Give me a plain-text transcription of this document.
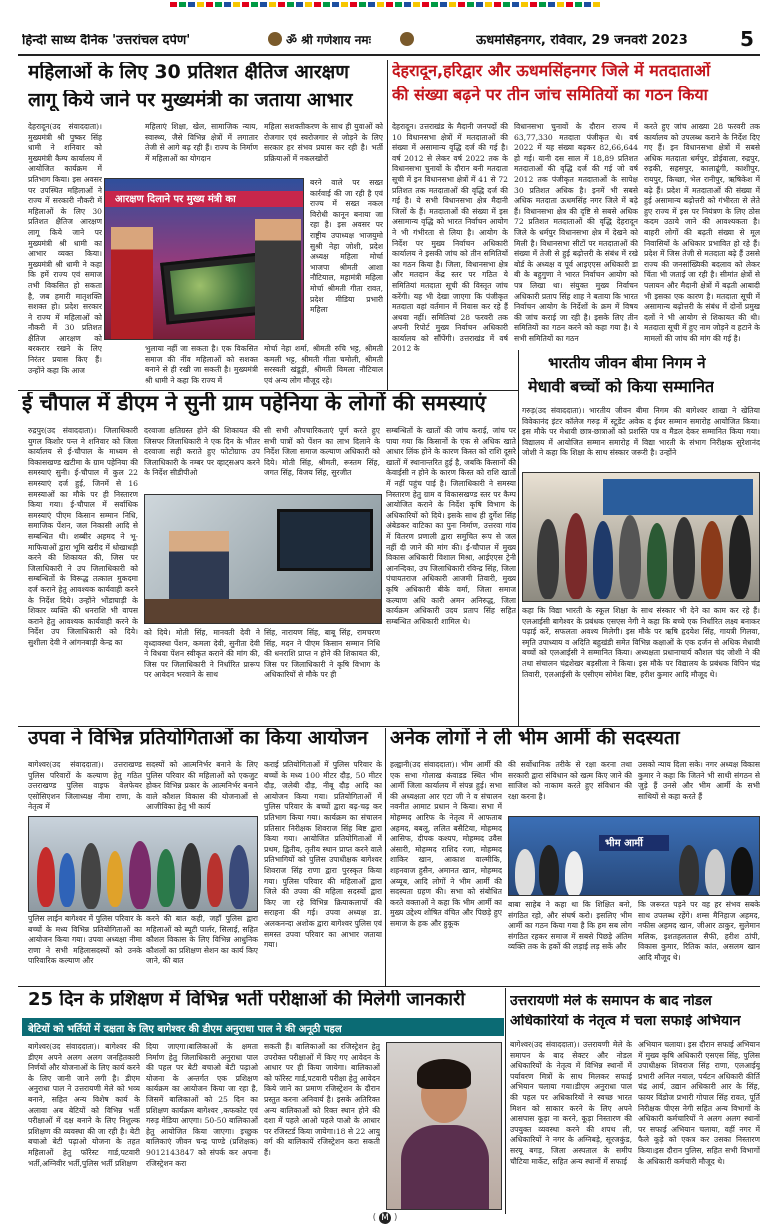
हिन्दी साध्य दैनिक 'उत्तरांचल दर्पण'	ॐ श्री गणेशाय नमः	ऊधमसिंहनगर, रविवार, 29 जनवरी 2023	5
महिलाओं के लिए 30 प्रतिशत क्षैतिज आरक्षण
लागू किये जाने पर मुख्यमंत्री का जताया आभार
देहरादून(उद संवाददाता)। मुख्यमंत्री श्री पुष्कर सिंह धामी ने शनिवार को मुख्यमंत्री कैम्प कार्यालय में आयोजित कार्यक्रम में प्रतिभाग किया। इस अवसर पर उपस्थित महिलाओं ने राज्य में सरकारी नौकरी में महिलाओं के लिए 30 प्रतिशत क्षैतिज आरक्षण लागू किये जाने पर मुख्यमंत्री श्री धामी का आभार व्यक्त किया। मुख्यमंत्री श्री धामी ने कहा कि हमें राज्य एवं समाज तभी विकसित हो सकता है, जब हमारी मातृशक्ति सशक्त हो। प्रदेश सरकार ने राज्य में महिलाओं को नौकरी में 30 प्रतिशत क्षैतिज आरक्षण को बरकरार रखने के लिए निरंतर प्रयास किए हैं। उन्होंने कहा कि आज
महिलाएं शिक्षा, खेल, सामाजिक न्याय, स्वास्थ्य, जैसे विभिन्न क्षेत्रों में लगातार तेजी से आगे बढ़ रही हैं। राज्य के निर्माण में महिलाओं का योगदान
महिला सशक्तीकरण के साथ ही युवाओं को रोजगार एवं स्वरोजगार से जोड़ने के लिए सरकार हर संभव प्रयास कर रही है। भर्ती प्रक्रियाओं में नकलखोरों
आरक्षण दिलाने पर मुख्य मंत्री का
बरने वाले पर सख्त कार्रवाई की जा रही है एवं राज्य में सख्त नकल विरोधी कानून बनाया जा रहा है। इस अवसर पर राष्ट्रीय उपाध्यक्ष भाजयुमो सुश्री नेहा जोशी, प्रदेश अध्यक्ष महिला मोर्चा भाजपा श्रीमती आशा नौटियाल, महामंत्री महिला मोर्चा श्रीमती गीता रावत, प्रदेश मीडिया प्रभारी महिला
भुलाया नहीं जा सकता है। एक विकसित समाज की नींव महिलाओं को सशक्त बनाने से ही रखी जा सकती है। मुख्यमंत्री श्री धामी ने कहा कि राज्य में
मोर्चा नेहा शर्मा, श्रीमती रुचि भट्ट, श्रीमती कमली भट्ट, श्रीमती गीता चमोली, श्रीमती सरस्वती खंडूड़ी, श्रीमती विमला नौटियाल एवं अन्य लोग मौजूद रहे।
देहरादून,हरिद्वार और ऊधमसिंहनगर जिले में मतदाताओं
की संख्या बढ़ने पर तीन जांच समितियों का गठन किया
देहरादून। उत्तराखंड के मैदानी जनपदों की 10 विधानसभा क्षेत्रों में मतदाताओं की संख्या में असामान्य वृद्धि दर्ज की गई है। वर्ष 2012 से लेकर वर्ष 2022 तक के विधानसभा चुनावों के दौरान बनी मतदाता सूची में इन विधानसभा क्षेत्रों में 41 से 72 प्रतिशत तक मतदाताओं की वृद्धि दर्ज की गई है। ये सभी विधानसभा क्षेत्र मैदानी जिलों के हैं। मतदाताओं की संख्या में इस असामान्य वृद्धि को भारत निर्वाचन आयोग ने भी गंभीरता से लिया है। आयोग के निर्देश पर मुख्य निर्वाचन अधिकारी कार्यालय ने इसकी जांच को तीन समितियों का गठन किया है। जिला, विधानसभा क्षेत्र और मतदान केंद्र स्तर पर गठित ये समितियां मतदाता सूची की विस्तृत जांच करेंगी। यह भी देखा जाएगा कि पंजीकृत मतदाता वहां वर्तमान में निवास कर रहे हैं अथवा नहीं। समितियां 28 फरवरी तक अपनी रिपोर्ट मुख्य निर्वाचन अधिकारी कार्यालय को सौंपेंगी। उत्तराखंड में वर्ष 2012 के
विधानसभा चुनावों के दौरान राज्य में 63,77,330 मतदाता पंजीकृत थे। वर्ष 2022 में यह संख्या बढ़कर 82,66,644 हो गई। यानी दस साल में 18,89 प्रतिशत मतदाताओं की वृद्धि दर्ज की गई जो वर्ष 2012 तक पंजीकृत मतदाताओं के सापेक्ष 30 प्रतिशत अधिक है। इनमें भी सबसे अधिक मतदाता ऊधमसिंह नगर जिले में बढ़े हैं। विधानसभा क्षेत्र की दृष्टि से सबसे अधिक 72 प्रतिशत मतदाताओं की वृद्धि देहरादून जिले के धर्मपुर विधानसभा क्षेत्र में देखने को मिली है। विधानसभा सीटों पर मतदाताओं की संख्या में तेजी से हुई बढ़ोत्तरी के संबंध में रखे बोर्ड के अध्यक्ष व पूर्व आइएएस अधिकारी डा बी के बहुगुणा ने भारत निर्वाचन आयोग को पत्र लिखा था। संयुक्त मुख्य निर्वाचन अधिकारी प्रताप सिंह शाह ने बताया कि भारत निर्वाचन आयोग के निर्देशों के क्रम में विषय की जांच कराई जा रही है। इसके लिए तीन समितियों का गठन करने को कहा गया है। ये सभी समितियों का गठन
करते हुए जांच आख्या 28 फरवरी तक कार्यालय को उपलब्ध कराने के निर्देश दिए गए हैं। इन विधानसभा क्षेत्रों में सबसे अधिक मतदाता धर्मपुर, डोईवाला, रुद्रपुर, रुड़की, सहसपुर, कालाढूंगी, काशीपुर, रायपुर, किच्छा, भेल रानीपुर, ऋषिकेश में बढ़े हैं। प्रदेश में मतदाताओं की संख्या में हुई असामान्य बढ़ोत्तरी को गंभीरता से लेते हुए राज्य में इस पर नियंत्रण के लिए ठोस कदम उठाये जाने की आवश्यकता है। बाहरी लोगों की बढ़ती संख्या से मूल निवासियों के अधिकार प्रभावित हो रहे हैं। प्रदेश में जिस तेजी से मतदाता बढ़े हैं उससे राज्य की जनसांख्यिकी बदलाव को लेकर चिंता भी जताई जा रही है। सीमांत क्षेत्रों से पलायन और मैदानी क्षेत्रों में बढ़ती आबादी भी इसका एक कारण है। मतदाता सूची में असामान्य बढ़ोत्तरी के संबंध में दोनों प्रमुख दलों ने भी आयोग से शिकायत की थी। मतदाता सूची में हुए नाम जोड़ने व हटाने के मामलों की जांच की मांग की गई है।
भारतीय जीवन बीमा निगम ने
मेधावी बच्चों को किया सम्मानित
ई चौपाल में डीएम ने सुनी ग्राम पहेनिया के लोगों की समस्याएं
रुद्रपुर(उद संवाददाता)। जिलाधिकारी युगल किशोर पन्त ने शनिवार को जिला कार्यालय से ई-चौपाल के माध्यम से विकासखण्ड खटीमा के ग्राम पहेनिया की समस्याएं सुनी। ई-चौपाल में कुल 22 समस्याएं दर्ज हुई, जिनमें से 16 समस्याओं का मौके पर ही निस्तारण किया गया। ई-चौपाल में सर्वाधिक समस्याएं पीएम किसान सम्मान निधि, समाजिक पेंशन, जल निकासी आदि से सम्बन्धित थी। शब्बीर अहमद ने भू-माफियाओं द्वारा भूमि खरीद में धोखाधड़ी करने की शिकायत की, जिस पर जिलाधिकारी ने उप जिलाधिकारी को सम्बन्धितों के विरूद्ध तत्काल मुकदमा दर्ज कराने हेतु आवश्यक कार्यवाही करने के निर्देश दिये। उन्होंने भोंडाघाड़ी के शिकार व्यक्ति की धनराशि भी वापस कराने हेतु आवश्यक कार्यवाही करने के निर्देश उप जिलाधिकारी को दिये। सुशीला देवी ने आंगनबाड़ी केन्द्र का
दरवाजा क्षतिग्रस्त होने की शिकायत की जिसपर जिलाधिकारी ने एक दिन के भीतर दरवाजा सही कराते हुए फोटोग्राफ उप जिलाधिकारी के नम्बर पर व्हाट्सअप करने के निर्देश सीडीपीओ
सी सभी औपचारिकताएं पूर्ण करते हुए सभी पात्रों को पेंशन का लाभ दिलाने के निर्देश जिला समाज कल्याण अधिकारी को दिये। मोती सिंह, श्रीमती, रूस्तम सिंह, जगत सिंह, विजय सिंह, सुरजीत
को दिये। मोती सिंह, मानवती देवी ने वृध्दावस्था पेंशन, कमला देवी, सुनीता देवी ने विधवा पेंशन स्वीकृत कराने की मांग की, जिस पर जिलाधिकारी ने निर्धारित प्रारूप पर आवेदन भरवाने के साथ
सिंह, नारायण सिंह, बाबू सिंह, रामचरण सिंह, मदन ने पीएम किसान सम्मान निधि की धनराशि प्राप्त न होने की शिकायत की, जिस पर जिलाधिकारी ने कृषि विभाग के अधिकारियों से मौके पर ही
सम्बन्धितों के खातों की जांच कराई, जांच पर पाया गया कि किसानों के एक से अधिक खाते आधार लिंक होने के कारण किस्त को राशि दूसरे खातों में स्थानान्तरित हुई है, जबकि किसानों की केवाईसी न होने के कारण किस्त को राशि खातों में नहीं पहुंच पाई है। जिलाधिकारी ने समस्या निस्तारण हेतु ग्राम व विकासखण्ड स्तर पर कैम्प आयोजित कराने के निर्देश कृषि विभाग के अधिकारियों को दिये। इसके साथ ही दुर्गेश सिंह अंबेडकर वाटिका का पुनः निर्माण, उत्तरवा गांव में वितरण प्रणाली द्वारा समुचित रूप से जल नहीं दी जाने की मांग की। ई-चौपाल में मुख्य विकास अधिकारी विशाल मिश्रा, आईएएस ट्रेनी आनन्दिका, उप जिलाधिकारी रविन्द्र सिंह, जिला पंचायतराज अधिकारी आजमी तिवारी, मुख्य कृषि अधिकारी बीके वर्मा, जिला समाज कल्याण अधि कारी अमन अनिरुद्ध, जिला कार्यक्रम अधिकारी उदय प्रताप सिंह सहित सम्बन्धित अधिकारी शामिल थे।
गरुड़(उद संवाददाता)। भारतीय जीवन बीमा निगम की बागेश्वर शाखा ने खेतिया विवेकानंद इंटर कॉलेज गरुड़ में स्टूडेंट अवेक द ईयर सम्मान समारोह आयोजित किया। इस मौके पर मेधावी छात्र-छात्राओं को प्रशस्ति पत्र व मैडल देकर सम्मानित किया गया। विद्यालय में आयोजित सम्मान समारोह में विद्या भारती के संभाग निरीक्षक सुरेशानंद जोशी ने कहा कि शिक्षा के साथ संस्कार जरूरी है। उन्होंने
कहा कि विद्या भारती के स्कूल शिक्षा के साथ संस्कार भी देने का काम कर रहे हैं। एलआईसी बागेश्वर के प्रबंधक एसएस नेगी ने कहा कि बच्चे एक निर्धारित लक्ष्य बनाकर पढ़ाई करें, सफलता अवश्य मिलेगी। इस मौके पर ऋषि हृदयेश सिंह, गायत्री गिलवा, स्मृति उपाध्याय व अदिति बहुखंडी समेत विभिन्न कक्षाओं के एक दर्जन से अधिक मेधावी बच्चों को एलआईसी ने सम्मानित किया। अध्यक्षता प्रधानाचार्य कौशल चंद जोशी ने की तथा संचालन चंद्रशेखर बड़सीला ने किया। इस मौके पर विद्यालय के प्रबंधक विपिन चंद्र तिवारी, एलआईसी के एसीएम सोमेश बिष्ट, हरीश कुमार आदि मौजूद थे।
उपवा ने विभिन्न प्रतियोगिताओं का किया आयोजन
बागेश्वर(उद संवाददाता)। उत्तराखण्ड पुलिस परिवारों के कल्याण हेतु गठित उत्तराखण्ड पुलिस वाइफ वेलफेयर एसोसिएशन जिलाध्यक्ष नीमा राणा, के नेतृत्व में
सदस्यों को आत्मनिर्भर बनाने के लिए पुलिस परिवार की महिलाओं को एकजुट होकर विभिन्न प्रकार के आत्मनिर्भर बनाने वाले कौशल विकास की योजनाओं से आजीविका हेतु भी कार्य
कराई प्रतियोगिताओं में पुलिस परिवार के बच्चों के मध्य 100 मीटर दौड़, 50 मीटर दौड़, जलेबी दौड़, नीबू दौड़ आदि का आयोजन किया गया। प्रतियोगिताओं में पुलिस परिवार के बच्चों द्वारा बढ़-चढ़ कर प्रतिभाग किया गया। कार्यक्रम का संचालन प्रतिसार निरीक्षक शिवराज सिंह बिष्ट द्वारा किया गया। आयोजित प्रतियोगिताओं में प्रथम, द्वितीय, तृतीय स्थान प्राप्त करने वाले प्रतिभागियों को पुलिस उपाधीक्षक बागेश्वर शिवराज सिंह राणा द्वारा पुरस्कृत किया गया। पुलिस परिवार की महिलाओं द्वारा जिले की उपवा की महिला सदस्यों द्वारा किए जा रहे विभिन्न क्रियाकलापों की सराहना की गई। उपवा अध्यक्ष डा. अलकनन्दा अशोक द्वारा बागेश्वर पुलिस एवं समस्त उपवा परिवार का आभार जताया गया।
पुलिस लाईन बागेश्वर में पुलिस परिवार के बच्चों के मध्य विभिन्न प्रतियोगिताओं का आयोजन किया गया। उपवा अध्यक्षा नीमा राणा ने सभी महिलासदस्यों को उनके पारिवारिक कल्याण और
करने की बात कही, जहाँ पुलिस द्वारा महिलाओं को ब्यूटी पार्लर, सिलाई, सहित कौशल विकास के लिए विभिन्न आधुनिक कौशलों का प्रशिक्षण सेशन का कार्य किए जाने, की बात
अनेक लोगों ने ली भीम आर्मी की सदस्यता
हल्द्वानी(उद संवाददाता)। भीम आर्मी की एक सभा गोलाख कंवाडड स्थित भीम आर्मी जिला कार्यालय में संपन्न हुई। सभा की अध्यक्षता आर एटा जी ने व संचालन नवनीत आमाट प्रधान ने किया। सभा में मोहम्मद आरिफ के नेतृत्व में आफताब अहमद, बबलू, ललित बसैटिया, मोहम्मद आसिफ, दीपक कश्यप, मोहम्मद उवैस अंसारी, मोहम्मद राशिद रजा, मोहम्मद शाकिर खान, आकाश वाल्मीकि, शहनवाज हुसैन, अमानत खान, मोहम्मद अय्यूब, आदि लोगों ने भीम आर्मी की सदस्यता ग्रहण की। सभा को संबोधित करते वक्ताओं ने कहा कि भीम आर्मी का मुख्य उद्देश्य शोषित वंचित और पिछड़े हुए समाज के हक और हुकूक
की सर्वोधानिक तरीके से रक्षा करना तथा सरकारी द्वारा संविधान को खत्म किए जाने की साजिश को नाकाम करते हुए संविधान की रक्षा करना है।
उसको न्याय दिला सके। नगर अध्यक्ष विकास कुमार ने कहा कि जितने भी साथी संगठन से जुड़े हैं उनसे और भीम आर्मी के सभी साथियों से कहा करते हैं
भीम आर्मी
बाबा साहेब ने कहा था कि शिक्षित बनो, संगठित रहो, और संघर्ष करो। इसलिए भीम आर्मी का गठन किया गया है कि हम सब लोग संगठित रहकर समाज में सबसे पिछड़े अंतिम व्यक्ति तक के हकों की लड़ाई लड़ सकें और
कि जरूरत पड़ने पर वह हर संभव सबके साथ उपलब्ध रहेंगे। शम्स मैनिहाज अहमद, नफीस अहमद खान, जीआर ठाकुर, सुलेमान मलिक, इशतहलताल सैफी, हरीश ठांपी, विकास कुमार, रितिक कांत, असलम खान आदि मौजूद थे।
25 दिन के प्रशिक्षण में विभिन्न भर्ती परीक्षाओं की मिलेगी जानकारी
बेटियों को भर्तियों में दक्षता के लिए बागेश्वर की डीएम अनुराधा पाल ने की अनूठी पहल
बागेश्वर(उद संवाददाता)। बागेश्वर की डीएम अपने अलग अलग जनहितकारी निर्णयों और योजनाओं के लिए कार्य करने के लिए जानी जाने लगी है। डीएम अनुराधा पाल ने उत्तरायणी मेले को भव्य बनाने, सहित अन्य विशेष कार्य के अलावा अब बेटियों को विभिन्न भर्ती परीक्षाओं में दक्ष बनाने के लिए निशुल्क प्रशिक्षण की व्यवस्था की जा रही है। बेटी बचाओ बेटी पढ़ाओ योजना के तहत महिलाओं हेतु फॉरेस्ट गार्ड,पटवारी भर्ती,अग्निवीर भर्ती,पुलिस भर्ती प्रशिक्षण
दिया जाएगा।बालिकाओं के क्षमता निर्माण हेतु जिलाधिकारी अनुराधा पाल की पहल पर बेटी बचाओ बेटी पढ़ाओ योजना के अन्तर्गत एक प्रशिक्षण कार्यक्रम का आयोजन किया जा रहा है, जिसमें बालिकाओं को 25 दिन का प्रशिक्षण कार्यक्रम बागेश्वर ,कफकोट एवं गरुड़ मेडिया आएगा। 50-50 बालिकाओं हेतु आयोजित किया जाएगा। इच्छुक बालिकाएं जीवन चन्द्र पाण्डे (प्रशिक्षक) 9012143847 को संपर्क कर अपना रजिस्ट्रेशन करा
सकती हैं। बालिकाओं का रजिस्ट्रेशन हेतु उपरोक्त परीक्षाओं में किए गए आवेदन के आधार पर ही किया जायेगा। बालिकाओं को फॉरेस्ट गार्ड,पटवारी परीक्षा हेतु आवेदन किये जाने का प्रमाण रजिस्ट्रेशन के दौरान प्रस्तुत करना अनिवार्य है। इसके अतिरिक्त अन्य बालिकाओं को रिक्त स्थान होने की दशा में पहले आओ पहले पाओ के आधार पर रजिस्टर्ड किया जायेगा।18 से 22 आयु वर्ग की बालिकायें रजिस्ट्रेशन करा सकती हैं।
उत्तरायणी मेले के समापन के बाद नोडल
अधिकारियों के नेतृत्व में चला सफाई अभियान
बागेश्वर(उद संवाददाता)। उत्तरायणी मेले के समापन के बाद सेक्टर और नोडल अधिकारियों के नेतृत्व में विभिन्न स्थानों में पर्यावरण मित्रों के साथ मिलकर सफाई अभियान चलाया गया।डीएम अनुराधा पाल की पहल पर अधिकारियों ने स्वच्छ भारत मिशन को साकार करने के लिए अपने आसपास कूड़ा ना करने, कूड़ा निस्तारण की उपयुक्त व्यवस्था करने की शपथ ली, अधिकारियों ने नगर के अग्निबड़े, सूरजकुंड, सरयू बगड़, जिला अस्पताल के समीप चौटिया मार्केट, सहित अन्य स्थानों में सफाई
अभियान चलाया। इस दौरान सफाई अभियान में मुख्य कृषि अधिकारी एसएस सिंह, पुलिस उपाधीक्षक शिवराज सिंह राणा, एलआईयू प्रभारी अनिल नयाल, पर्यटन अधिकारी कीर्ति चंद्र आर्य, उद्यान अधिकारी आर के सिंह, फायर विंडोज प्रभारी गोपाल सिंह रावत, पूर्ति निरीक्षक पीएस नेगी सहित अन्य विभागों के अधिकारी कर्मचारियों ने अलग अलग स्थानों पर सफाई अभियान चलाया, वहीं नगर में फैले कूड़े को एकत्र कर उसका निस्तारण किया।इस दौरान पुलिस, सहित सभी विभागों के अधिकारी कर्मचारी मौजूद थे।
( M )
